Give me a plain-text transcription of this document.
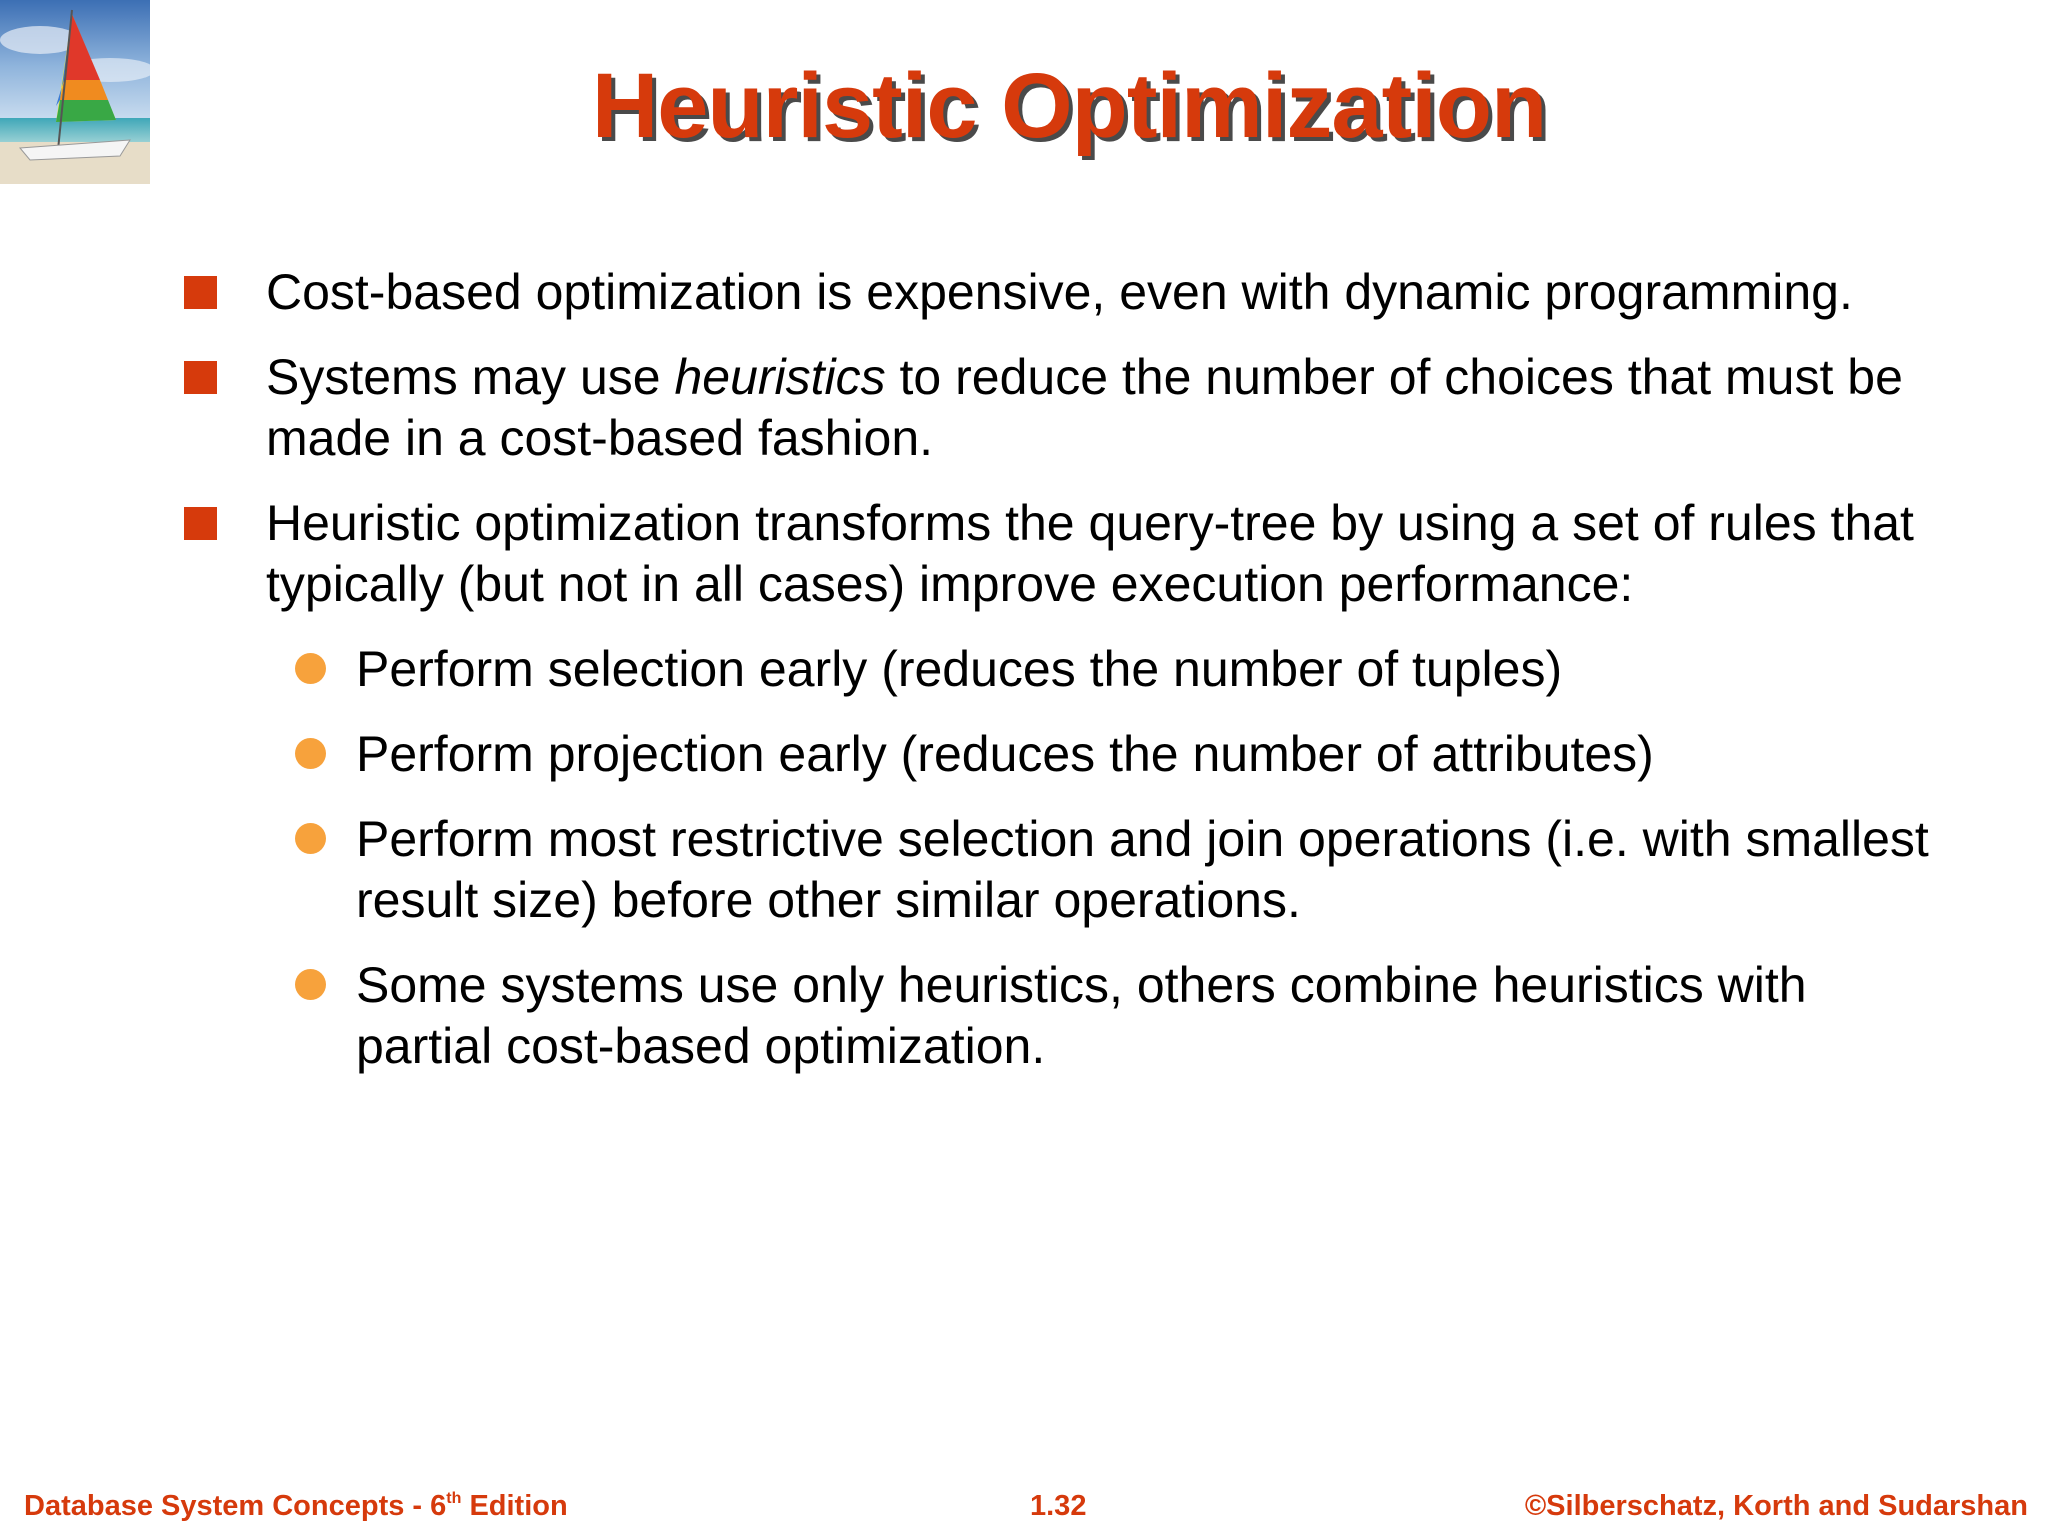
Heuristic Optimization
Cost-based optimization is expensive, even with dynamic programming.
Systems may use heuristics to reduce the number of choices that must be made in a cost-based fashion.
Heuristic optimization transforms the query-tree by using a set of rules that typically (but not in all cases) improve execution performance:
Perform selection early (reduces the number of tuples)
Perform projection early (reduces the number of attributes)
Perform most restrictive selection and join operations (i.e. with smallest result size) before other similar operations.
Some systems use only heuristics, others combine heuristics with partial cost-based optimization.
Database System Concepts - 6th Edition	1.32	©Silberschatz, Korth and Sudarshan
